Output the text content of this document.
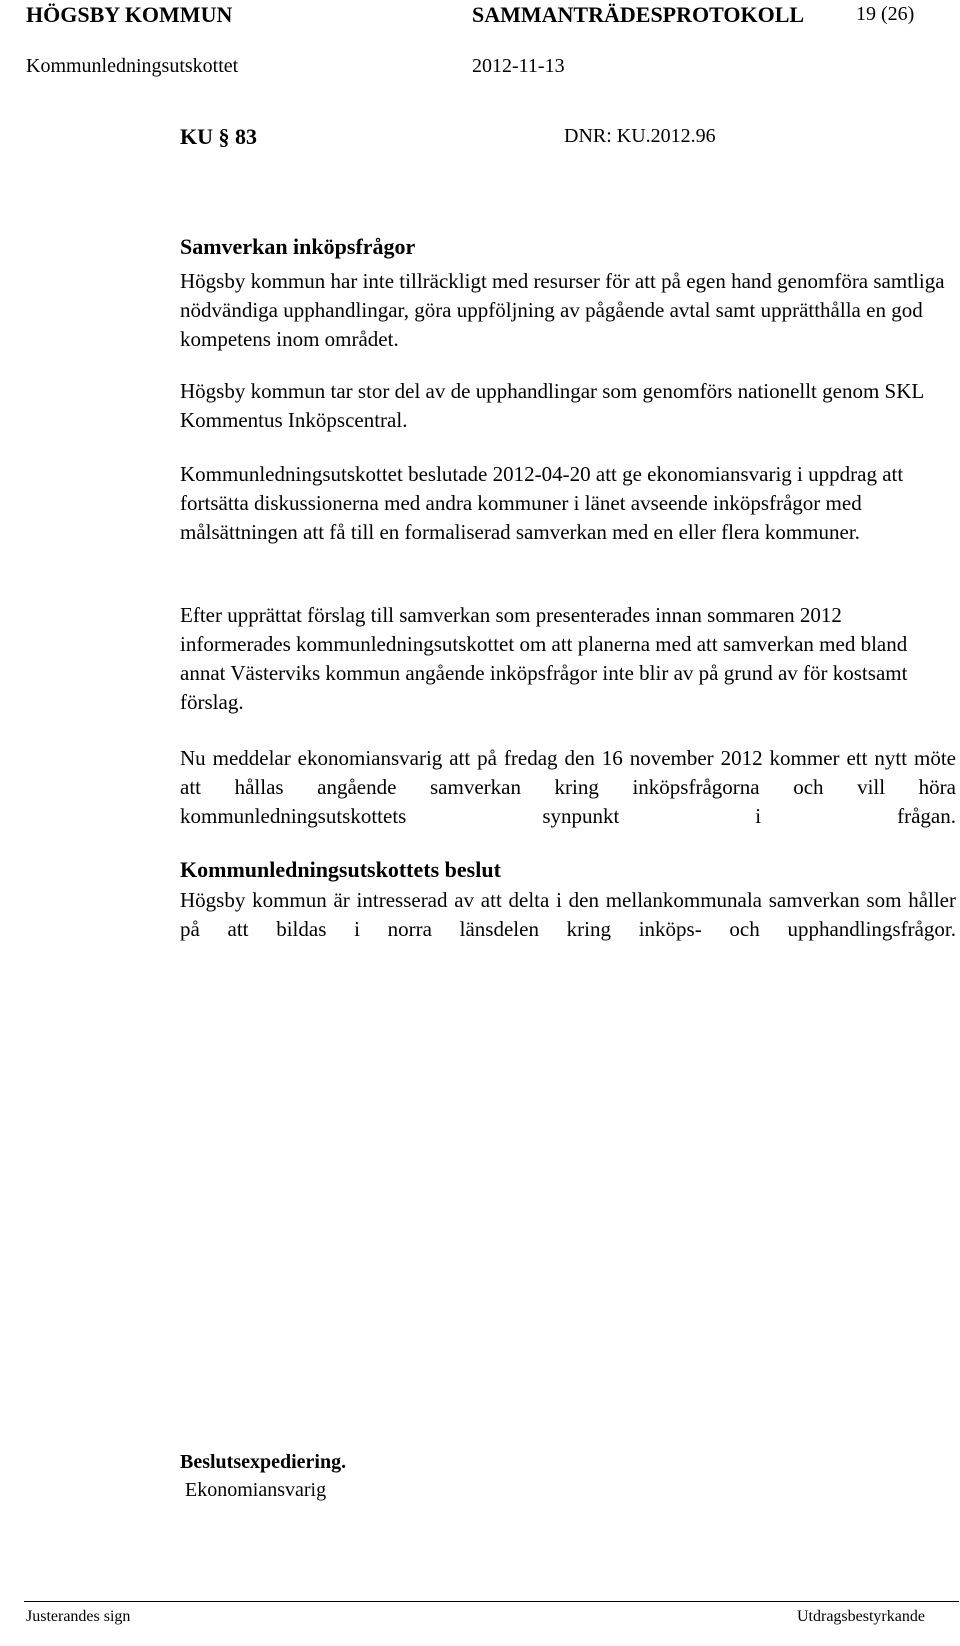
HÖGSBY KOMMUN	SAMMANTRÄDESPROTOKOLL	19 (26)
Kommunledningsutskottet	2012-11-13
KU § 83	DNR: KU.2012.96
Samverkan inköpsfrågor

Högsby kommun har inte tillräckligt med resurser för att på egen hand genomföra samtliga nödvändiga upphandlingar, göra uppföljning av pågående avtal samt upprätthålla en god kompetens inom området.

Högsby kommun tar stor del av de upphandlingar som genomförs nationellt genom SKL Kommentus Inköpscentral.

Kommunledningsutskottet beslutade 2012-04-20 att ge ekonomiansvarig i uppdrag att fortsätta diskussionerna med andra kommuner i länet avseende inköpsfrågor med målsättningen att få till en formaliserad samverkan med en eller flera kommuner.

Efter upprättat förslag till samverkan som presenterades innan sommaren 2012 informerades kommunledningsutskottet om att planerna med att samverkan med bland annat Västerviks kommun angående inköpsfrågor inte blir av på grund av för kostsamt förslag.

Nu meddelar ekonomiansvarig att på fredag den 16 november 2012 kommer ett nytt möte att hållas angående samverkan kring inköpsfrågorna och vill höra kommunledningsutskottets synpunkt i frågan.

Kommunledningsutskottets beslut

Högsby kommun är intresserad av att delta i den mellankommunala samverkan som håller på att bildas i norra länsdelen kring inköps- och upphandlingsfrågor.

Beslutsexpediering.
Ekonomiansvarig
Justerandes sign	Utdragsbestyrkande
